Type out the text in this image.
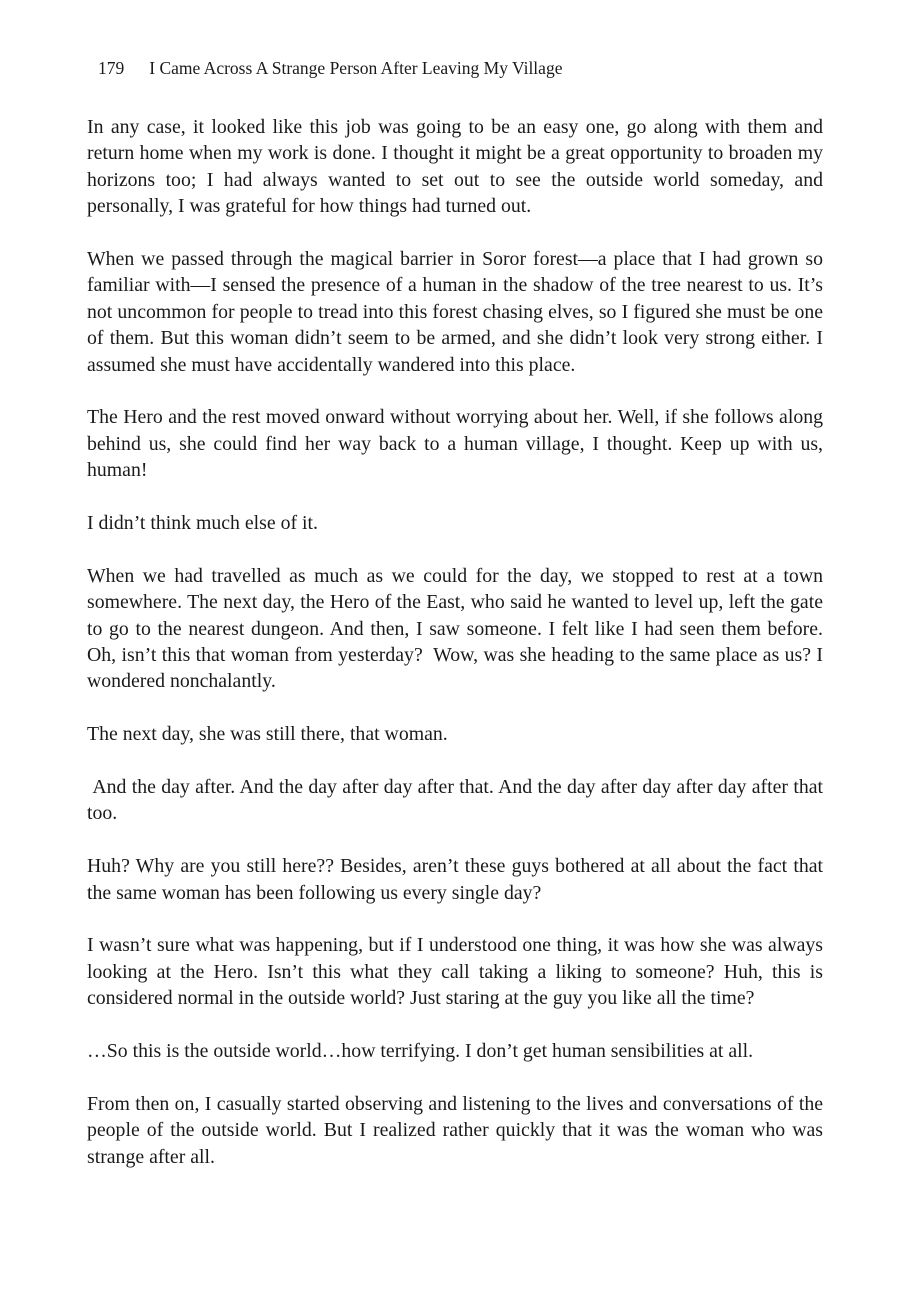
179 I Came Across A Strange Person After Leaving My Village

In any case, it looked like this job was going to be an easy one, go along with them and return home when my work is done. I thought it might be a great opportunity to broaden my horizons too; I had always wanted to set out to see the outside world someday, and personally, I was grateful for how things had turned out.

When we passed through the magical barrier in Soror forest—a place that I had grown so familiar with—I sensed the presence of a human in the shadow of the tree nearest to us. It’s not uncommon for people to tread into this forest chasing elves, so I figured she must be one of them. But this woman didn’t seem to be armed, and she didn’t look very strong either. I assumed she must have accidentally wandered into this place.

The Hero and the rest moved onward without worrying about her. Well, if she follows along behind us, she could find her way back to a human village, I thought. Keep up with us, human!

I didn’t think much else of it.

When we had travelled as much as we could for the day, we stopped to rest at a town somewhere. The next day, the Hero of the East, who said he wanted to level up, left the gate to go to the nearest dungeon. And then, I saw someone. I felt like I had seen them before. Oh, isn’t this that woman from yesterday?  Wow, was she heading to the same place as us? I wondered nonchalantly.

The next day, she was still there, that woman.

And the day after. And the day after day after that. And the day after day after day after that too.

Huh? Why are you still here?? Besides, aren’t these guys bothered at all about the fact that the same woman has been following us every single day?

I wasn’t sure what was happening, but if I understood one thing, it was how she was always looking at the Hero. Isn’t this what they call taking a liking to someone? Huh, this is considered normal in the outside world? Just staring at the guy you like all the time?

…So this is the outside world…how terrifying. I don’t get human sensibilities at all.

From then on, I casually started observing and listening to the lives and conversations of the people of the outside world. But I realized rather quickly that it was the woman who was strange after all.
